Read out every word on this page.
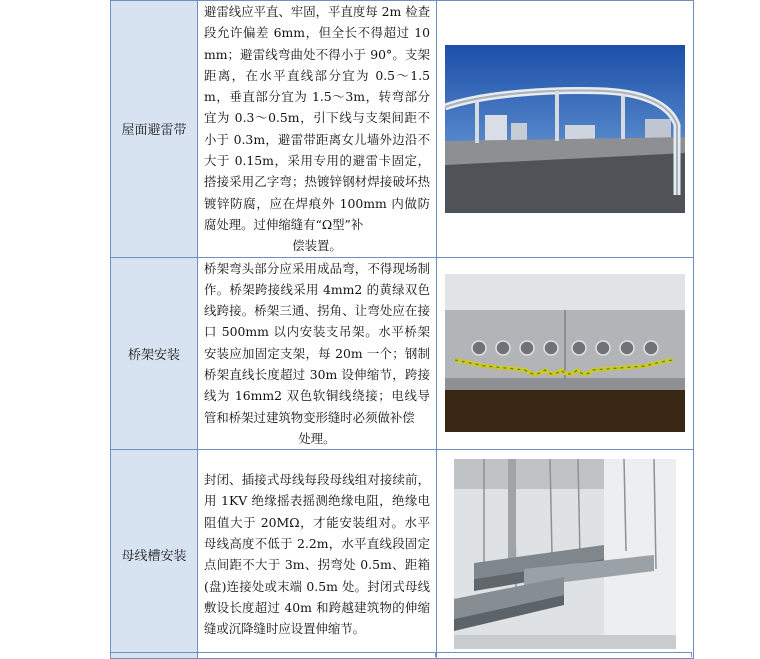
屋面避雷带	避雷线应平直、牢固，平直度每 2m 检查段允许偏差 6mm，但全长不得超过 10mm；避雷线弯曲处不得小于 90°。支架距离，在水平直线部分宜为 0.5～1.5m，垂直部分宜为 1.5～3m，转弯部分宜为 0.3～0.5m，引下线与支架间距不小于 0.3m，避雷带距离女儿墙外边沿不大于 0.15m，采用专用的避雷卡固定，搭接采用乙字弯；热镀锌钢材焊接破坏热镀锌防腐，应在焊痕外 100mm 内做防腐处理。过伸缩缝有“Ω型”补
偿装置。

桥架安装	桥架弯头部分应采用成品弯，不得现场制作。桥架跨接线采用 4mm2 的黄绿双色线跨接。桥架三通、拐角、让弯处应在接口 500mm 以内安装支吊架。水平桥架安装应加固定支架，每 20m 一个；钢制桥架直线长度超过 30m 设伸缩节，跨接线为 16mm2 双色软铜线绕接；电线导管和桥架过建筑物变形缝时必须做补偿
处理。

母线槽安装	封闭、插接式母线每段母线组对接续前，用 1KV 绝缘摇表摇测绝缘电阻，绝缘电阻值大于 20MΩ，才能安装组对。水平母线高度不低于 2.2m，水平直线段固定点间距不大于 3m、拐弯处 0.5m、距箱(盘)连接处或末端 0.5m 处。封闭式母线敷设长度超过 40m 和跨越建筑物的伸缩缝或沉降缝时应设置伸缩节。
